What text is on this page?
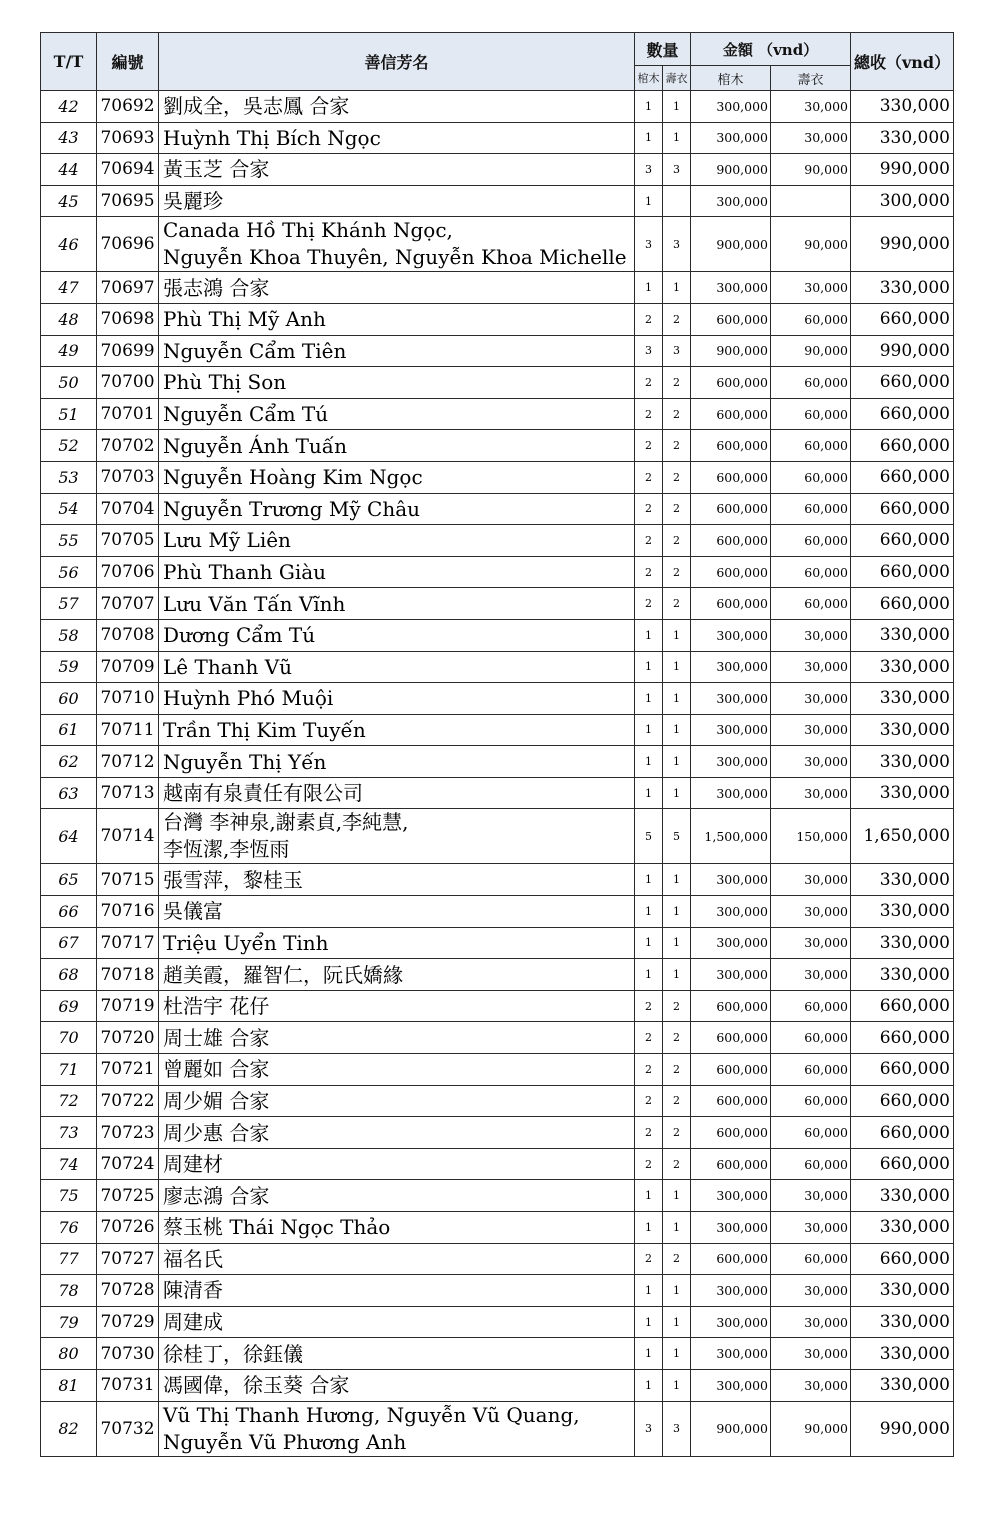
T/T	編號	善信芳名	數量		金額 （vnd）		總收（vnd）
			棺木	壽衣	棺木	壽衣	
42	70692	劉成全，吳志鳳 合家	1	1	300,000	30,000	330,000
43	70693	Huỳnh Thị Bích Ngọc	1	1	300,000	30,000	330,000
44	70694	黃玉芝 合家	3	3	900,000	90,000	990,000
45	70695	吳麗珍	1		300,000		300,000
46	70696	Canada Hồ Thị Khánh Ngọc,
Nguyễn Khoa Thuyên, Nguyễn Khoa Michelle	3	3	900,000	90,000	990,000
47	70697	張志鴻 合家	1	1	300,000	30,000	330,000
48	70698	Phù Thị Mỹ Anh	2	2	600,000	60,000	660,000
49	70699	Nguyễn Cẩm Tiên	3	3	900,000	90,000	990,000
50	70700	Phù Thị Son	2	2	600,000	60,000	660,000
51	70701	Nguyễn Cẩm Tú	2	2	600,000	60,000	660,000
52	70702	Nguyễn Ánh Tuấn	2	2	600,000	60,000	660,000
53	70703	Nguyễn Hoàng Kim Ngọc	2	2	600,000	60,000	660,000
54	70704	Nguyễn Trương Mỹ Châu	2	2	600,000	60,000	660,000
55	70705	Lưu Mỹ Liên	2	2	600,000	60,000	660,000
56	70706	Phù Thanh Giàu	2	2	600,000	60,000	660,000
57	70707	Lưu Văn Tấn Vĩnh	2	2	600,000	60,000	660,000
58	70708	Dương Cẩm Tú	1	1	300,000	30,000	330,000
59	70709	Lê Thanh Vũ	1	1	300,000	30,000	330,000
60	70710	Huỳnh Phó Muội	1	1	300,000	30,000	330,000
61	70711	Trần Thị Kim Tuyến	1	1	300,000	30,000	330,000
62	70712	Nguyễn Thị Yến	1	1	300,000	30,000	330,000
63	70713	越南有泉責任有限公司	1	1	300,000	30,000	330,000
64	70714	台灣 李神泉,謝素貞,李純慧,
李恆潔,李恆雨	5	5	1,500,000	150,000	1,650,000
65	70715	張雪萍，黎桂玉	1	1	300,000	30,000	330,000
66	70716	吳儀富	1	1	300,000	30,000	330,000
67	70717	Triệu Uyển Tinh	1	1	300,000	30,000	330,000
68	70718	趙美霞，羅智仁，阮氏嬌緣	1	1	300,000	30,000	330,000
69	70719	杜浩宇 花仔	2	2	600,000	60,000	660,000
70	70720	周士雄 合家	2	2	600,000	60,000	660,000
71	70721	曾麗如 合家	2	2	600,000	60,000	660,000
72	70722	周少媚 合家	2	2	600,000	60,000	660,000
73	70723	周少惠 合家	2	2	600,000	60,000	660,000
74	70724	周建材	2	2	600,000	60,000	660,000
75	70725	廖志鴻 合家	1	1	300,000	30,000	330,000
76	70726	蔡玉桃 Thái Ngọc Thảo	1	1	300,000	30,000	330,000
77	70727	福名氏	2	2	600,000	60,000	660,000
78	70728	陳清香	1	1	300,000	30,000	330,000
79	70729	周建成	1	1	300,000	30,000	330,000
80	70730	徐桂丁，徐鈺儀	1	1	300,000	30,000	330,000
81	70731	馮國偉，徐玉葵 合家	1	1	300,000	30,000	330,000
82	70732	Vũ Thị Thanh Hương, Nguyễn Vũ Quang,
Nguyễn Vũ Phương Anh	3	3	900,000	90,000	990,000
